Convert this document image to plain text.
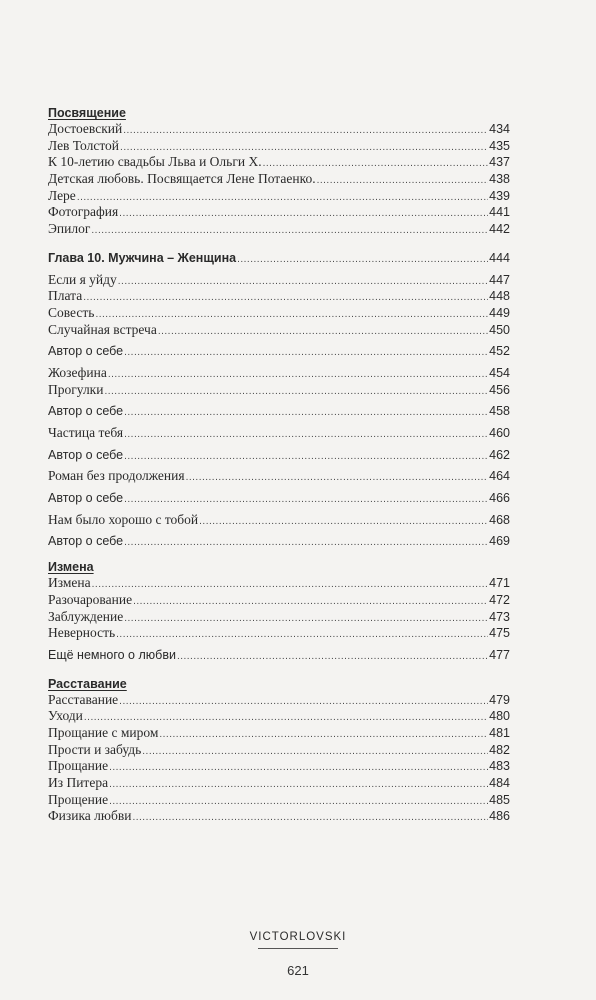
Посвящение
Достоевский .....	434
Лев Толстой .....	435
К 10-летию свадьбы Льва и Ольги Х. .....	437
Детская любовь. Посвящается Лене Потаенко. .....	438
Лере .....	439
Фотография .....	441
Эпилог .....	442
Глава 10. Мужчина – Женщина .....	444
Если я уйду .....	447
Плата .....	448
Совесть .....	449
Случайная встреча .....	450
Автор о себе .....	452
Жозефина .....	454
Прогулки .....	456
Автор о себе .....	458
Частица тебя .....	460
Автор о себе .....	462
Роман без продолжения .....	464
Автор о себе .....	466
Нам было хорошо с тобой .....	468
Автор о себе .....	469
Измена
Измена .....	471
Разочарование .....	472
Заблуждение .....	473
Неверность .....	475
Ещё немного о любви .....	477
Расставание
Расставание .....	479
Уходи .....	480
Прощание с миром .....	481
Прости и забудь .....	482
Прощание .....	483
Из Питера .....	484
Прощение .....	485
Физика любви .....	486
VICTORLOVSKI
621
